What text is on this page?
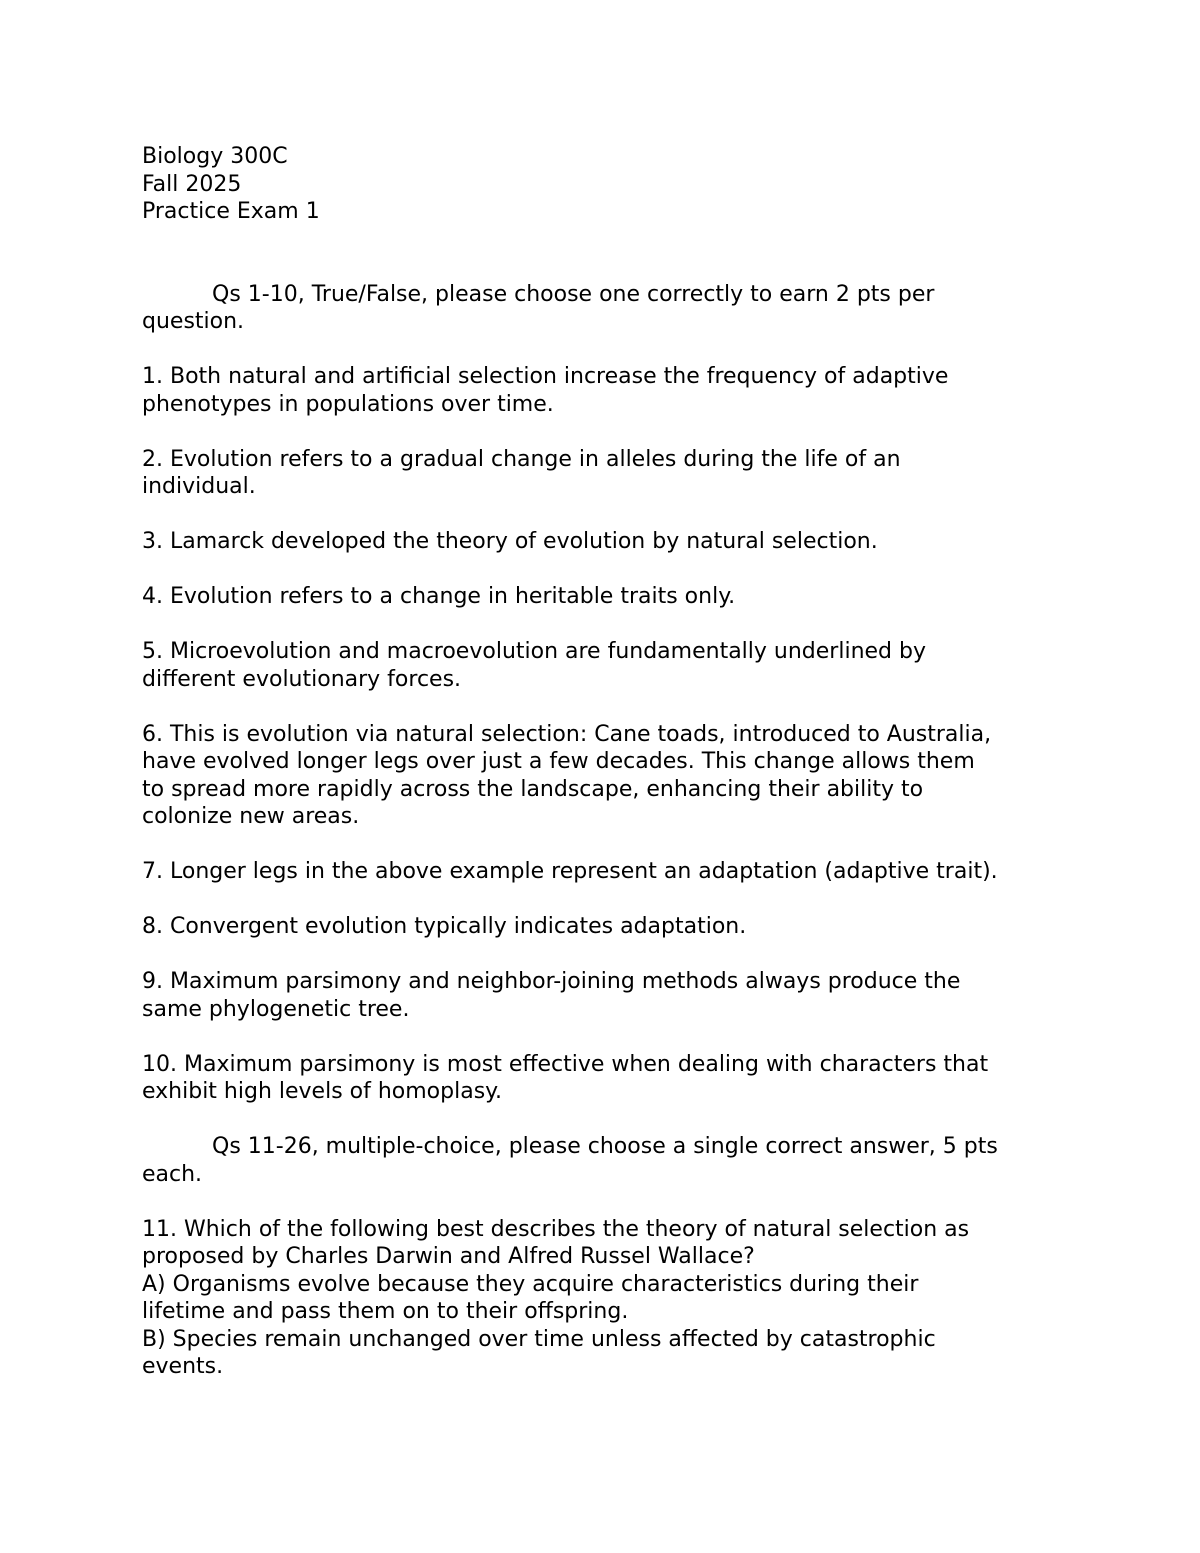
Biology 300C
Fall 2025
Practice Exam 1
Qs 1-10, True/False, please choose one correctly to earn 2 pts per
question.
1. Both natural and artificial selection increase the frequency of adaptive
phenotypes in populations over time.
2. Evolution refers to a gradual change in alleles during the life of an
individual.
3. Lamarck developed the theory of evolution by natural selection.
4. Evolution refers to a change in heritable traits only.
5. Microevolution and macroevolution are fundamentally underlined by
different evolutionary forces.
6. This is evolution via natural selection: Cane toads, introduced to Australia,
have evolved longer legs over just a few decades. This change allows them
to spread more rapidly across the landscape, enhancing their ability to
colonize new areas.
7. Longer legs in the above example represent an adaptation (adaptive trait).
8. Convergent evolution typically indicates adaptation.
9. Maximum parsimony and neighbor-joining methods always produce the
same phylogenetic tree.
10. Maximum parsimony is most effective when dealing with characters that
exhibit high levels of homoplasy.
Qs 11-26, multiple-choice, please choose a single correct answer, 5 pts
each.
11. Which of the following best describes the theory of natural selection as
proposed by Charles Darwin and Alfred Russel Wallace?
A) Organisms evolve because they acquire characteristics during their
lifetime and pass them on to their offspring.
B) Species remain unchanged over time unless affected by catastrophic
events.
